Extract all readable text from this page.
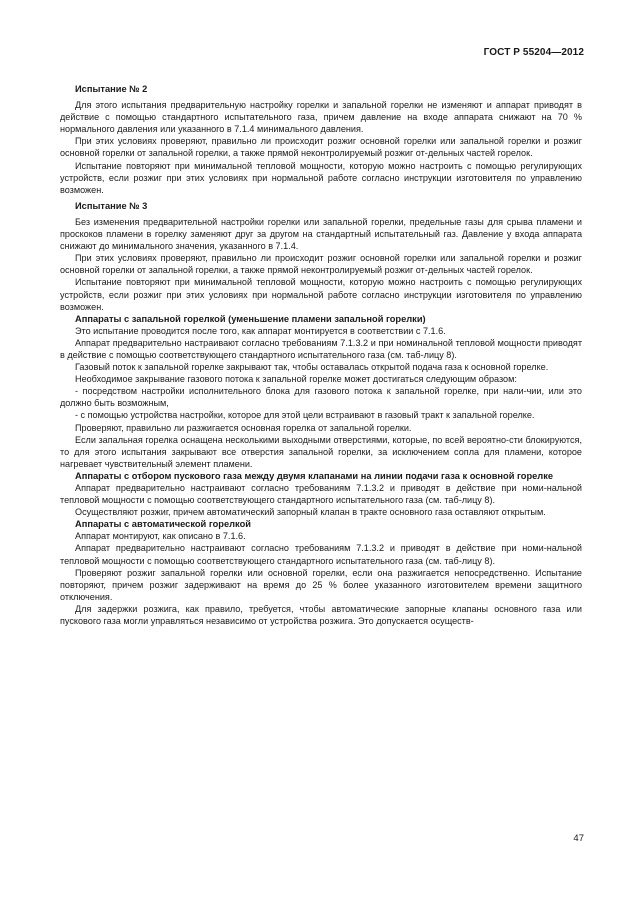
ГОСТ Р 55204—2012

Испытание № 2

Для этого испытания предварительную настройку горелки и запальной горелки не изменяют и аппарат приводят в действие с помощью стандартного испытательного газа, причем давление на входе аппарата снижают на 70 % нормального давления или указанного в 7.1.4 минимального давления.

При этих условиях проверяют, правильно ли происходит розжиг основной горелки или запальной горелки и розжиг основной горелки от запальной горелки, а также прямой неконтролируемый розжиг от-дельных частей горелок.

Испытание повторяют при минимальной тепловой мощности, которую можно настроить с помощью регулирующих устройств, если розжиг при этих условиях при нормальной работе согласно инструкции изготовителя по управлению возможен.

Испытание № 3

Без изменения предварительной настройки горелки или запальной горелки, предельные газы для срыва пламени и проскоков пламени в горелку заменяют друг за другом на стандартный испытательный газ. Давление у входа аппарата снижают до минимального значения, указанного в 7.1.4.

При этих условиях проверяют, правильно ли происходит розжиг основной горелки или запальной горелки и розжиг основной горелки от запальной горелки, а также прямой неконтролируемый розжиг от-дельных частей горелок.

Испытание повторяют при минимальной тепловой мощности, которую можно настроить с помощью регулирующих устройств, если розжиг при этих условиях при нормальной работе согласно инструкции изготовителя по управлению возможен.

Аппараты с запальной горелкой (уменьшение пламени запальной горелки)

Это испытание проводится после того, как аппарат монтируется в соответствии с 7.1.6.

Аппарат предварительно настраивают согласно требованиям 7.1.3.2 и при номинальной тепловой мощности приводят в действие с помощью соответствующего стандартного испытательного газа (см. таб-лицу 8).

Газовый поток к запальной горелке закрывают так, чтобы оставалась открытой подача газа к основной горелке.

Необходимое закрывание газового потока к запальной горелке может достигаться следующим образом:

- посредством настройки исполнительного блока для газового потока к запальной горелке, при нали-чии, или это должно быть возможным,

- с помощью устройства настройки, которое для этой цели встраивают в газовый тракт к запальной горелке.

Проверяют, правильно ли разжигается основная горелка от запальной горелки.

Если запальная горелка оснащена несколькими выходными отверстиями, которые, по всей вероятно-сти блокируются, то для этого испытания закрывают все отверстия запальной горелки, за исключением сопла для пламени, которое нагревает чувствительный элемент пламени.

Аппараты с отбором пускового газа между двумя клапанами на линии подачи газа к основной горелке

Аппарат предварительно настраивают согласно требованиям 7.1.3.2 и приводят в действие при номи-нальной тепловой мощности с помощью соответствующего стандартного испытательного газа (см. таб-лицу 8).

Осуществляют розжиг, причем автоматический запорный клапан в тракте основного газа оставляют открытым.

Аппараты с автоматической горелкой

Аппарат монтируют, как описано в 7.1.6.

Аппарат предварительно настраивают согласно требованиям 7.1.3.2 и приводят в действие при номи-нальной тепловой мощности с помощью соответствующего стандартного испытательного газа (см. таб-лицу 8).

Проверяют розжиг запальной горелки или основной горелки, если она разжигается непосредственно. Испытание повторяют, причем розжиг задерживают на время до 25 % более указанного изготовителем времени защитного отключения.

Для задержки розжига, как правило, требуется, чтобы автоматические запорные клапаны основного газа или пускового газа могли управляться независимо от устройства розжига. Это допускается осуществ-

47
